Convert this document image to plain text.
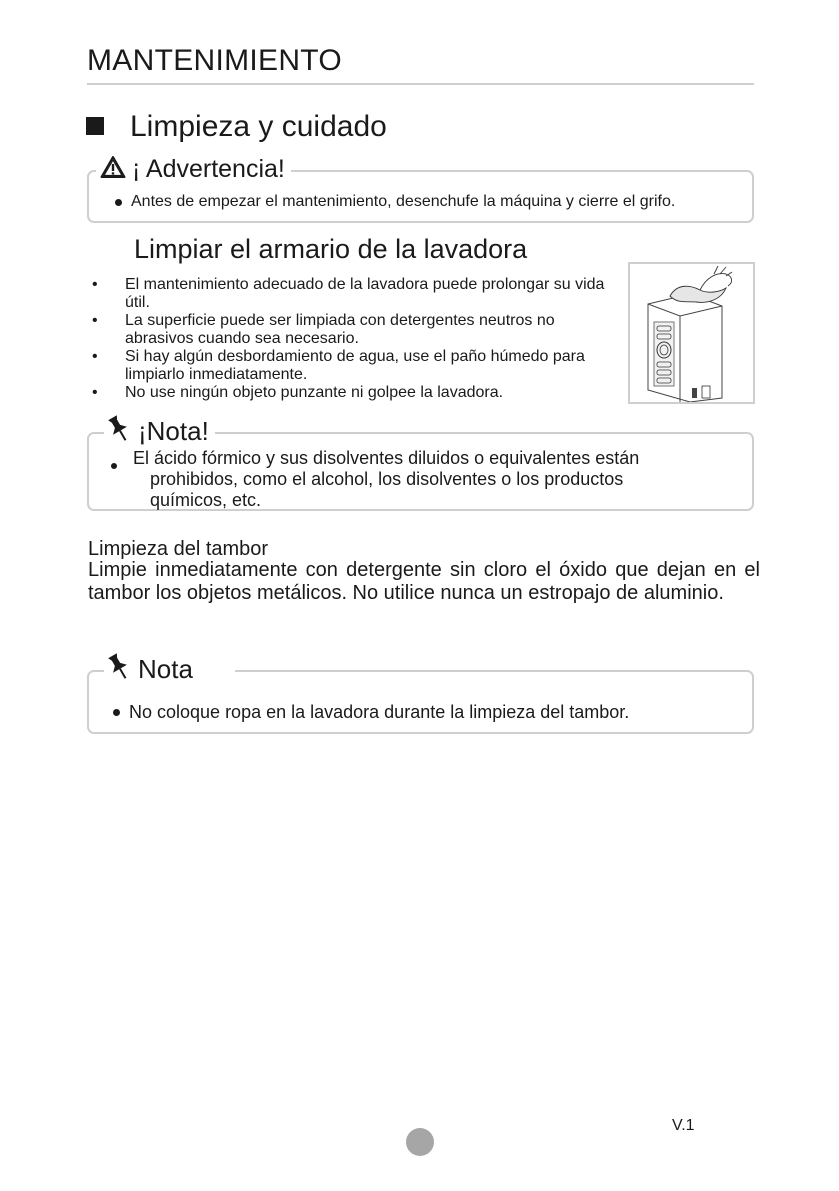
MANTENIMIENTO
Limpieza y cuidado
¡ Advertencia!
Antes de empezar el mantenimiento, desenchufe la máquina y cierre el grifo.
Limpiar el armario de la lavadora
• El mantenimiento adecuado de la lavadora puede prolongar su vida útil.
• La superficie puede ser limpiada con detergentes neutros no abrasivos cuando sea necesario.
• Si hay algún desbordamiento de agua, use el paño húmedo para limpiarlo inmediatamente.
• No use ningún objeto punzante ni golpee la lavadora.
¡Nota!
El ácido fórmico y sus disolventes diluidos o equivalentes están
prohibidos, como el alcohol, los disolventes o los productos
químicos, etc.
Limpieza del tambor
Limpie inmediatamente con detergente sin cloro el óxido que dejan en el tambor los objetos metálicos. No utilice nunca un estropajo de aluminio.
Nota
No coloque ropa en la lavadora durante la limpieza del tambor.
V.1
